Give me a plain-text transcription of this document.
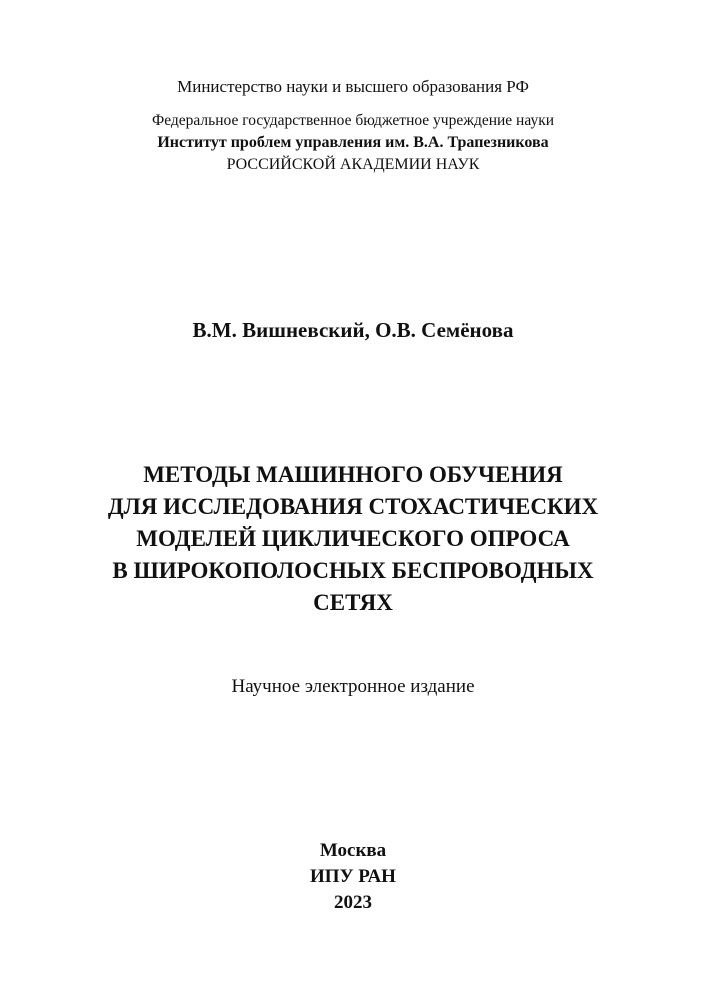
Министерство науки и высшего образования РФ
Федеральное государственное бюджетное учреждение науки
Институт проблем управления им. В.А. Трапезникова
РОССИЙСКОЙ АКАДЕМИИ НАУК
В.М. Вишневский, О.В. Семёнова
МЕТОДЫ МАШИННОГО ОБУЧЕНИЯ
ДЛЯ ИССЛЕДОВАНИЯ СТОХАСТИЧЕСКИХ
МОДЕЛЕЙ ЦИКЛИЧЕСКОГО ОПРОСА
В ШИРОКОПОЛОСНЫХ БЕСПРОВОДНЫХ
СЕТЯХ
Научное электронное издание
Москва
ИПУ РАН
2023
